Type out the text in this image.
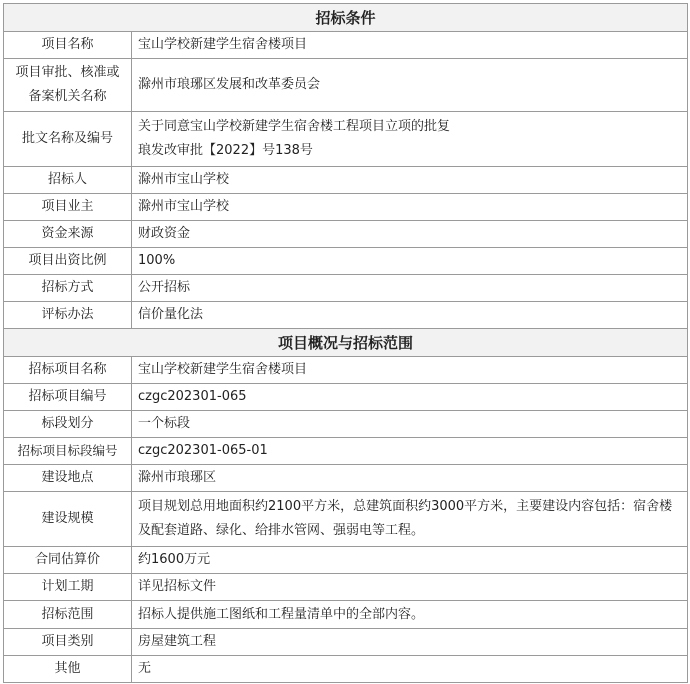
招标条件	
项目名称	宝山学校新建学生宿舍楼项目
项目审批、核准或备案机关名称	滁州市琅琊区发展和改革委员会
批文名称及编号	关于同意宝山学校新建学生宿舍楼工程项目立项的批复
琅发改审批【2022】号138号
招标人	滁州市宝山学校
项目业主	滁州市宝山学校
资金来源	财政资金
项目出资比例	100%
招标方式	公开招标
评标办法	信价量化法
项目概况与招标范围	
招标项目名称	宝山学校新建学生宿舍楼项目
招标项目编号	czgc202301-065
标段划分	一个标段
招标项目标段编号	czgc202301-065-01
建设地点	滁州市琅琊区
建设规模	项目规划总用地面积约2100平方米，总建筑面积约3000平方米，主要建设内容包括：宿舍楼及配套道路、绿化、给排水管网、强弱电等工程。
合同估算价	约1600万元
计划工期	详见招标文件
招标范围	招标人提供施工图纸和工程量清单中的全部内容。
项目类别	房屋建筑工程
其他	无
